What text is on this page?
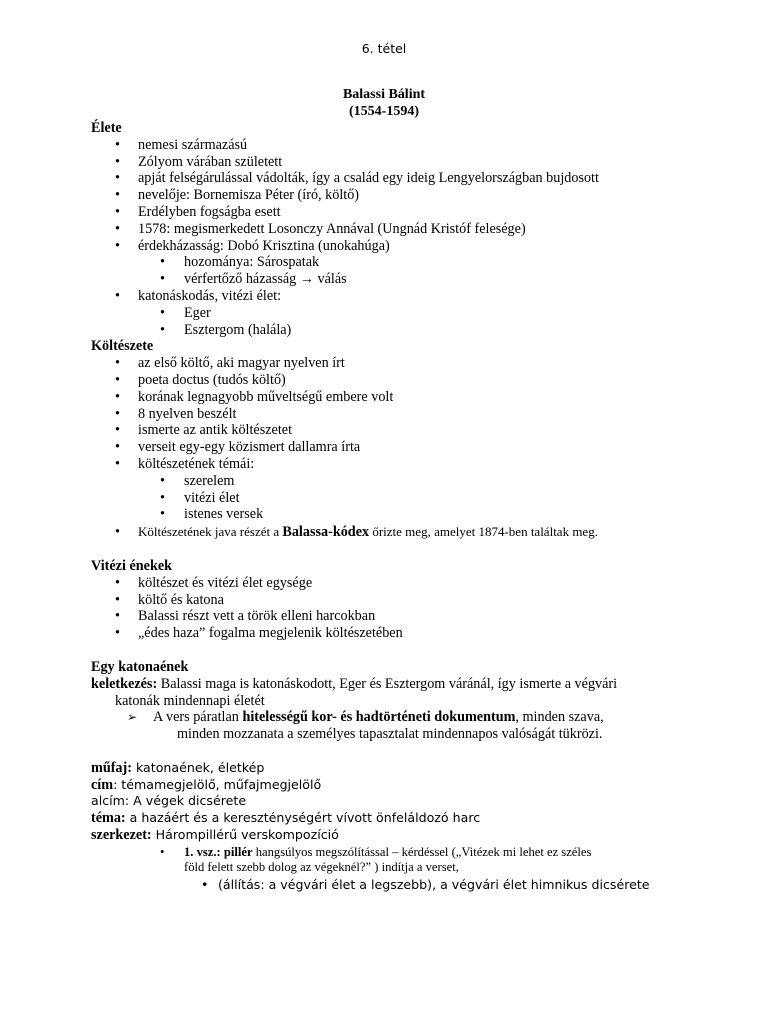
6. tétel
Balassi Bálint
(1554-1594)
Élete
• nemesi származású
• Zólyom várában született
• apját felségárulással vádolták, így a család egy ideig Lengyelországban bujdosott
• nevelője: Bornemisza Péter (író, költő)
• Erdélyben fogságba esett
• 1578: megismerkedett Losonczy Annával (Ungnád Kristóf felesége)
• érdekházasság: Dobó Krisztina (unokahúga)
• hozománya: Sárospatak
• vérfertőző házasság → válás
• katonáskodás, vitézi élet:
• Eger
• Esztergom (halála)
Költészete
• az első költő, aki magyar nyelven írt
• poeta doctus (tudós költő)
• korának legnagyobb műveltségű embere volt
• 8 nyelven beszélt
• ismerte az antik költészetet
• verseit egy-egy közismert dallamra írta
• költészetének témái:
• szerelem
• vitézi élet
• istenes versek
• Költészetének java részét a Balassa-kódex őrizte meg, amelyet 1874-ben találtak meg.
Vitézi énekek
• költészet és vitézi élet egysége
• költő és katona
• Balassi részt vett a török elleni harcokban
• „édes haza” fogalma megjelenik költészetében
Egy katonaének
keletkezés: Balassi maga is katonáskodott, Eger és Esztergom váránál, így ismerte a végvári
katonák mindennapi életét
➢ A vers páratlan hitelességű kor- és hadtörténeti dokumentum, minden szava,
minden mozzanata a személyes tapasztalat mindennapos valóságát tükrözi.
műfaj: katonaének, életkép
cím: témamegjelölő, műfajmegjelölő
alcím: A végek dicsérete
téma: a hazáért és a kereszténységért vívott önfeláldozó harc
szerkezet: Hárompillérű verskompozíció
• 1. vsz.: pillér hangsúlyos megszólítással – kérdéssel („Vitézek mi lehet ez széles
föld felett szebb dolog az végeknél?” ) indítja a verset,
• (állítás: a végvári élet a legszebb), a végvári élet himnikus dicsérete
